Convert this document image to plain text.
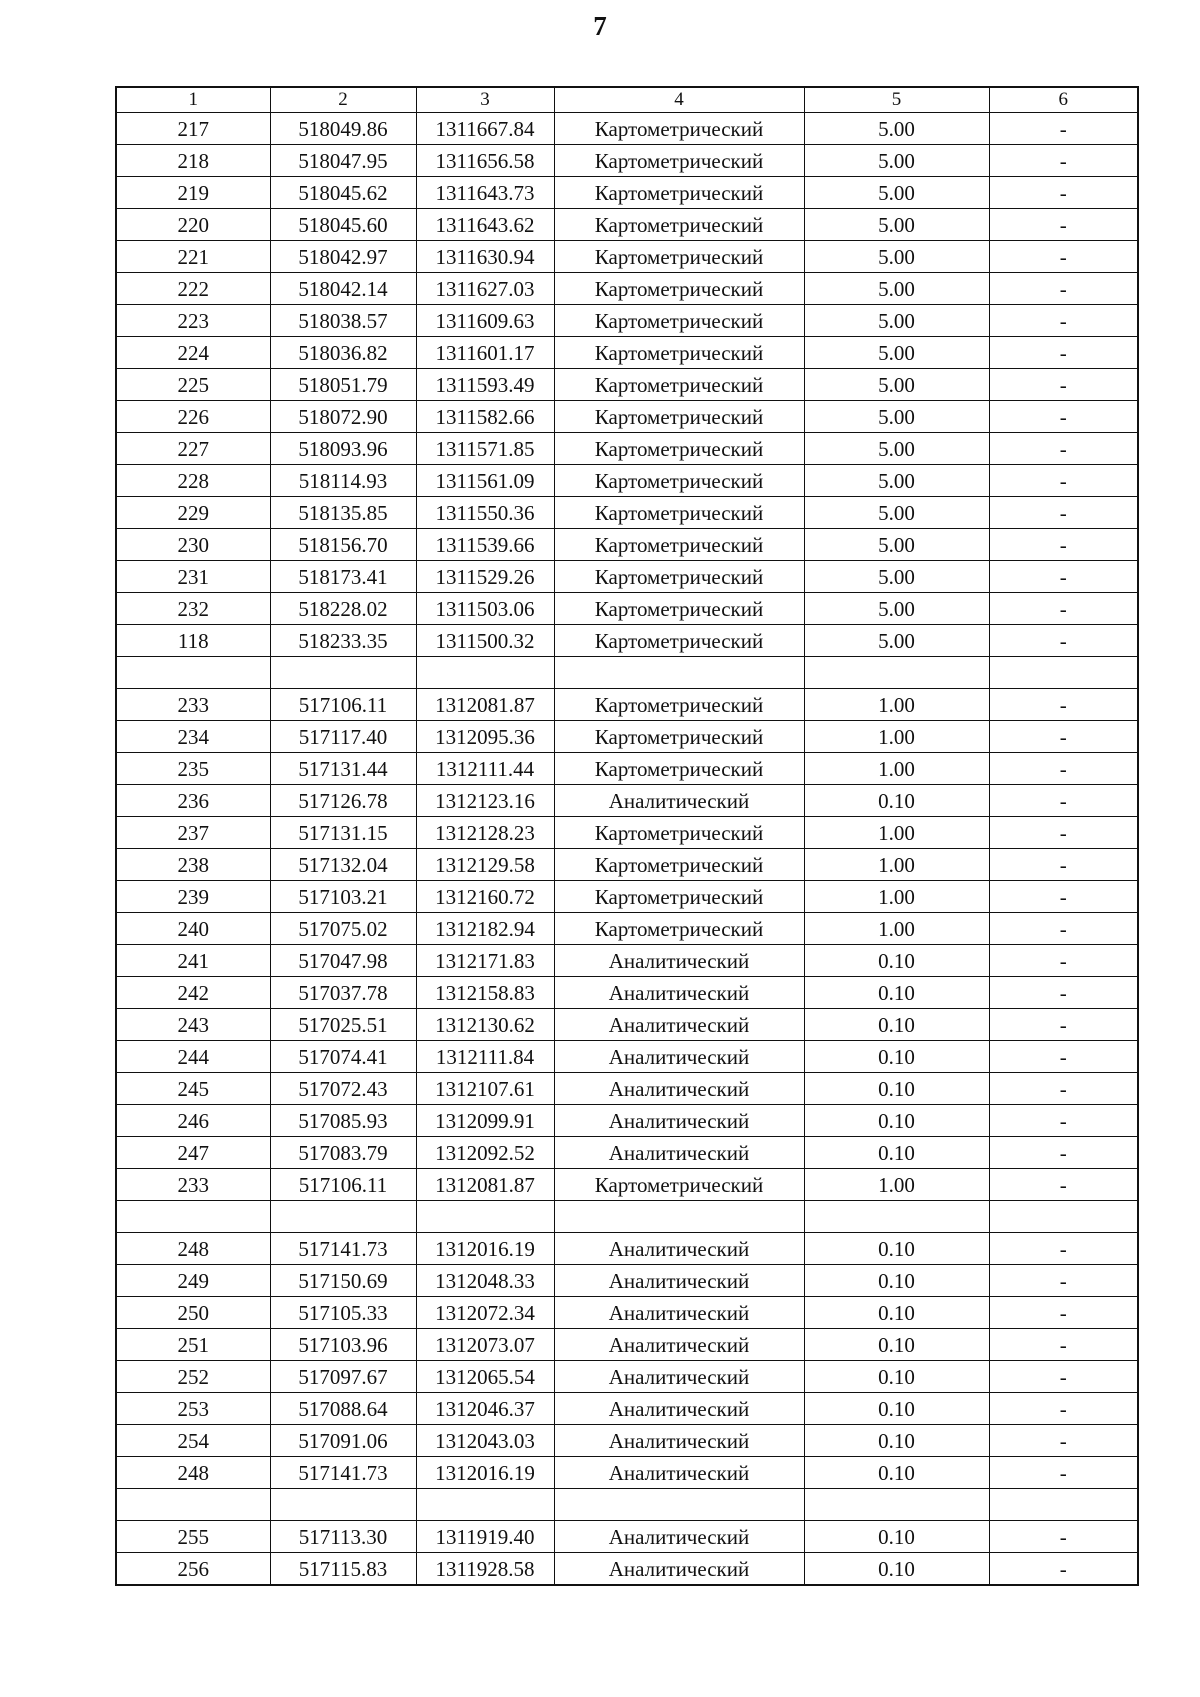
7
1	2	3	4	5	6
217	518049.86	1311667.84	Картометрический	5.00	-
218	518047.95	1311656.58	Картометрический	5.00	-
219	518045.62	1311643.73	Картометрический	5.00	-
220	518045.60	1311643.62	Картометрический	5.00	-
221	518042.97	1311630.94	Картометрический	5.00	-
222	518042.14	1311627.03	Картометрический	5.00	-
223	518038.57	1311609.63	Картометрический	5.00	-
224	518036.82	1311601.17	Картометрический	5.00	-
225	518051.79	1311593.49	Картометрический	5.00	-
226	518072.90	1311582.66	Картометрический	5.00	-
227	518093.96	1311571.85	Картометрический	5.00	-
228	518114.93	1311561.09	Картометрический	5.00	-
229	518135.85	1311550.36	Картометрический	5.00	-
230	518156.70	1311539.66	Картометрический	5.00	-
231	518173.41	1311529.26	Картометрический	5.00	-
232	518228.02	1311503.06	Картометрический	5.00	-
118	518233.35	1311500.32	Картометрический	5.00	-

233	517106.11	1312081.87	Картометрический	1.00	-
234	517117.40	1312095.36	Картометрический	1.00	-
235	517131.44	1312111.44	Картометрический	1.00	-
236	517126.78	1312123.16	Аналитический	0.10	-
237	517131.15	1312128.23	Картометрический	1.00	-
238	517132.04	1312129.58	Картометрический	1.00	-
239	517103.21	1312160.72	Картометрический	1.00	-
240	517075.02	1312182.94	Картометрический	1.00	-
241	517047.98	1312171.83	Аналитический	0.10	-
242	517037.78	1312158.83	Аналитический	0.10	-
243	517025.51	1312130.62	Аналитический	0.10	-
244	517074.41	1312111.84	Аналитический	0.10	-
245	517072.43	1312107.61	Аналитический	0.10	-
246	517085.93	1312099.91	Аналитический	0.10	-
247	517083.79	1312092.52	Аналитический	0.10	-
233	517106.11	1312081.87	Картометрический	1.00	-

248	517141.73	1312016.19	Аналитический	0.10	-
249	517150.69	1312048.33	Аналитический	0.10	-
250	517105.33	1312072.34	Аналитический	0.10	-
251	517103.96	1312073.07	Аналитический	0.10	-
252	517097.67	1312065.54	Аналитический	0.10	-
253	517088.64	1312046.37	Аналитический	0.10	-
254	517091.06	1312043.03	Аналитический	0.10	-
248	517141.73	1312016.19	Аналитический	0.10	-

255	517113.30	1311919.40	Аналитический	0.10	-
256	517115.83	1311928.58	Аналитический	0.10	-
